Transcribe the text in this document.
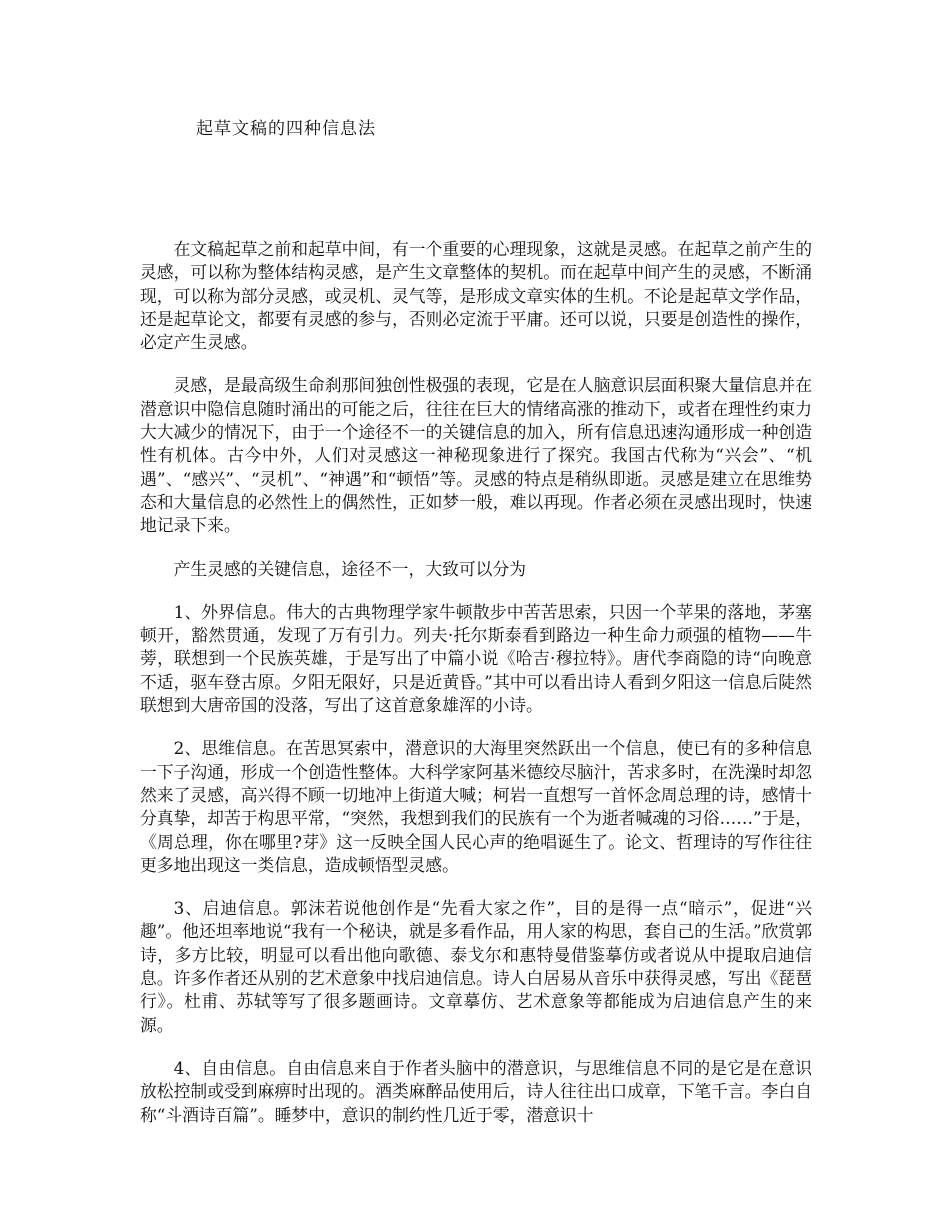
起草文稿的四种信息法

在文稿起草之前和起草中间，有一个重要的心理现象，这就是灵感。在起草之前产生的灵感，可以称为整体结构灵感，是产生文章整体的契机。而在起草中间产生的灵感，不断涌现，可以称为部分灵感，或灵机、灵气等，是形成文章实体的生机。不论是起草文学作品，还是起草论文，都要有灵感的参与，否则必定流于平庸。还可以说，只要是创造性的操作，必定产生灵感。

灵感，是最高级生命刹那间独创性极强的表现，它是在人脑意识层面积聚大量信息并在潜意识中隐信息随时涌出的可能之后，往往在巨大的情绪高涨的推动下，或者在理性约束力大大减少的情况下，由于一个途径不一的关键信息的加入，所有信息迅速沟通形成一种创造性有机体。古今中外，人们对灵感这一神秘现象进行了探究。我国古代称为“兴会”、“机遇”、“感兴”、“灵机”、“神遇”和“顿悟”等。灵感的特点是稍纵即逝。灵感是建立在思维势态和大量信息的必然性上的偶然性，正如梦一般，难以再现。作者必须在灵感出现时，快速地记录下来。

产生灵感的关键信息，途径不一，大致可以分为

1、外界信息。伟大的古典物理学家牛顿散步中苦苦思索，只因一个苹果的落地，茅塞顿开，豁然贯通，发现了万有引力。列夫·托尔斯泰看到路边一种生命力顽强的植物——牛蒡，联想到一个民族英雄，于是写出了中篇小说《哈吉·穆拉特》。唐代李商隐的诗“向晚意不适，驱车登古原。夕阳无限好，只是近黄昏。”其中可以看出诗人看到夕阳这一信息后陡然联想到大唐帝国的没落，写出了这首意象雄浑的小诗。

2、思维信息。在苦思冥索中，潜意识的大海里突然跃出一个信息，使已有的多种信息一下子沟通，形成一个创造性整体。大科学家阿基米德绞尽脑汁，苦求多时，在洗澡时却忽然来了灵感，高兴得不顾一切地冲上街道大喊；柯岩一直想写一首怀念周总理的诗，感情十分真挚，却苦于构思平常，“突然，我想到我们的民族有一个为逝者喊魂的习俗……”于是，《周总理，你在哪里?芽》这一反映全国人民心声的绝唱诞生了。论文、哲理诗的写作往往更多地出现这一类信息，造成顿悟型灵感。

3、启迪信息。郭沫若说他创作是“先看大家之作”，目的是得一点“暗示”，促进“兴趣”。他还坦率地说“我有一个秘诀，就是多看作品，用人家的构思，套自己的生活。”欣赏郭诗，多方比较，明显可以看出他向歌德、泰戈尔和惠特曼借鉴摹仿或者说从中提取启迪信息。许多作者还从别的艺术意象中找启迪信息。诗人白居易从音乐中获得灵感，写出《琵琶行》。杜甫、苏轼等写了很多题画诗。文章摹仿、艺术意象等都能成为启迪信息产生的来源。

4、自由信息。自由信息来自于作者头脑中的潜意识，与思维信息不同的是它是在意识放松控制或受到麻痹时出现的。酒类麻醉品使用后，诗人往往出口成章，下笔千言。李白自称“斗酒诗百篇”。睡梦中，意识的制约性几近于零，潜意识十
